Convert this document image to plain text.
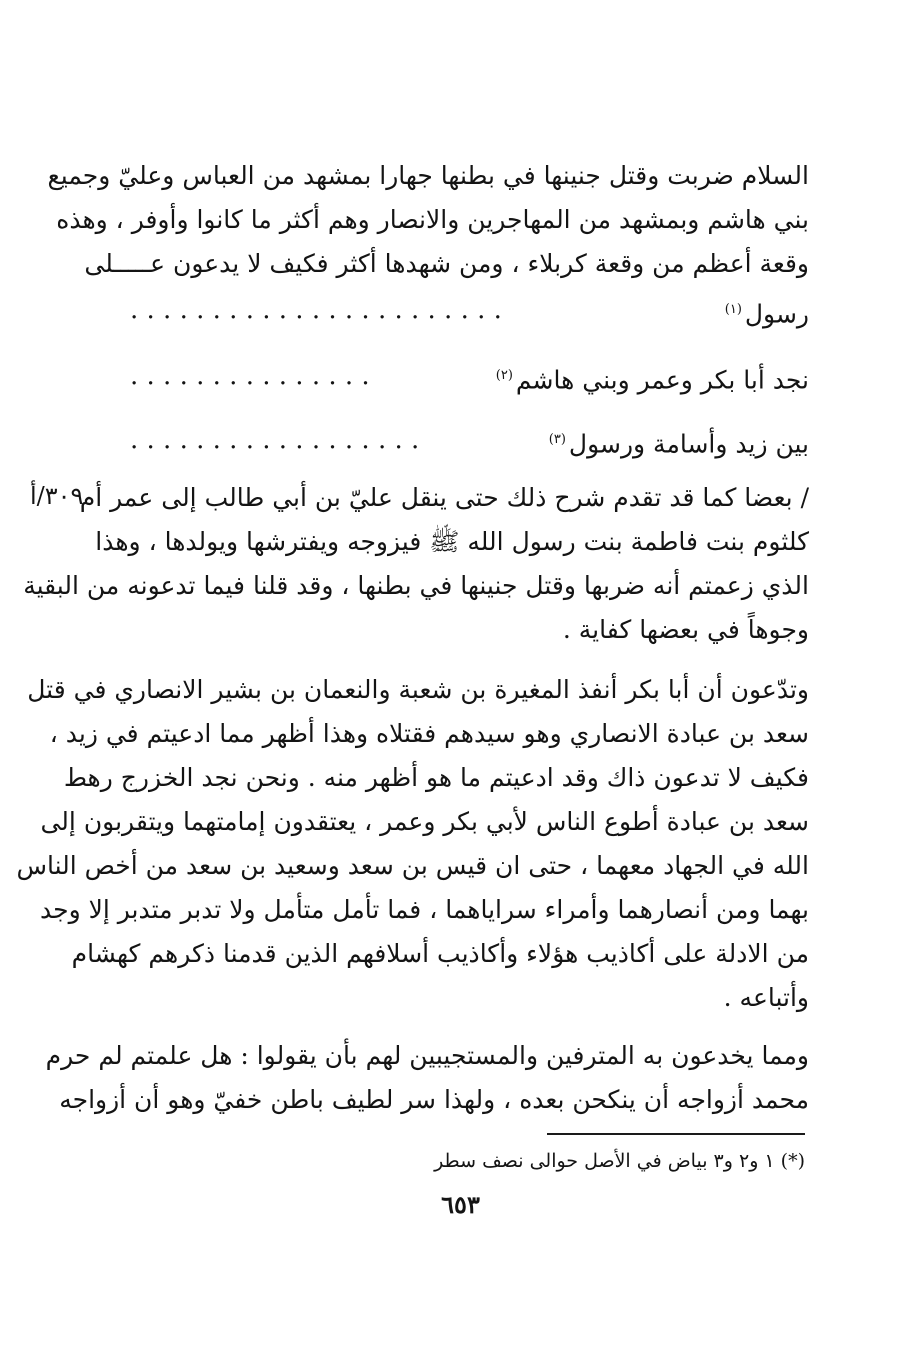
السلام ضربت وقتل جنينها في بطنها جهارا بمشهد من العباس وعليّ وجميع
بني هاشم وبمشهد من المهاجرين والانصار وهم أكثر ما كانوا وأوفر ، وهذه
وقعة أعظم من وقعة كربلاء ، ومن شهدها أكثر فكيف لا يدعون عـــــلى
رسول$^{(١)}$
. . . . . . . . . . . . . . . . . . . . . . .
نجد أبا بكر وعمر وبني هاشم$^{(٢)}$
. . . . . . . . . . . . . . .
بين زيد وأسامة ورسول$^{(٣)}$
. . . . . . . . . . . . . . . . . .
/ بعضا كما قد تقدم شرح ذلك حتى ينقل عليّ بن أبي طالب إلى عمر أم
٣٠٩/أ
كلثوم بنت فاطمة بنت رسول الله ﷺ فيزوجه ويفترشها ويولدها ، وهذا
الذي زعمتم أنه ضربها وقتل جنينها في بطنها ، وقد قلنا فيما تدعونه من البقية
وجوهاً في بعضها كفاية .
وتدّعون أن أبا بكر أنفذ المغيرة بن شعبة والنعمان بن بشير الانصاري في قتل
سعد بن عبادة الانصاري وهو سيدهم فقتلاه وهذا أظهر مما ادعيتم في زيد ،
فكيف لا تدعون ذاك وقد ادعيتم ما هو أظهر منه . ونحن نجد الخزرج رهط
سعد بن عبادة أطوع الناس لأبي بكر وعمر ، يعتقدون إمامتهما ويتقربون إلى
الله في الجهاد معهما ، حتى ان قيس بن سعد وسعيد بن سعد من أخص الناس
بهما ومن أنصارهما وأمراء سراياهما ، فما تأمل متأمل ولا تدبر متدبر إلا وجد
من الادلة على أكاذيب هؤلاء وأكاذيب أسلافهم الذين قدمنا ذكرهم كهشام
وأتباعه .
ومما يخدعون به المترفين والمستجيبين لهم بأن يقولوا : هل علمتم لم حرم
محمد أزواجه أن ينكحن بعده ، ولهذا سر لطيف باطن خفيّ وهو أن أزواجه
(*) ١ و٢ و٣ بياض في الأصل حوالى نصف سطر
٦٥٣
